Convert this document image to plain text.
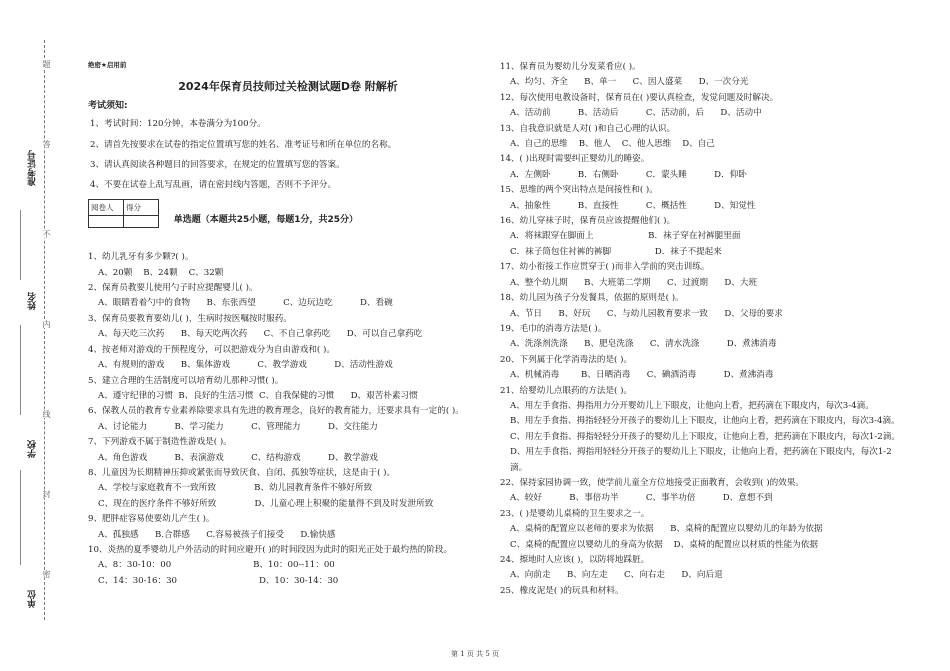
准考证号
姓名
学校
单位
题
答
不
内
线
封
密
绝密★启用前
2024年保育员技师过关检测试题D卷 附解析
考试须知:

1、考试时间：120分钟，本卷满分为100分。

2、请首先按要求在试卷的指定位置填写您的姓名、准考证号和所在单位的名称。

3、请认真阅读各种题目的回答要求，在规定的位置填写您的答案。

4、不要在试卷上乱写乱画，请在密封线内答题，否则不予评分。

阅卷人	得分
	单选题（本题共25小题，每题1分，共25分）
1、幼儿乳牙有多少颗?( )。
A、20颗    B、24颗    C、32颗
2、保育员教要儿使用勺子时应提醒婴儿( )。
A、眼睛看着勺中的食物      B、东张西望          C、边玩边吃          D、看碗
3、保育员要教育要幼儿( )，生病时按医嘱按时服药。
A、每天吃三次药      B、每天吃两次药      C、不自己拿药吃      D、可以自己拿药吃
4、按老师对游戏的干预程度分，可以把游戏分为自由游戏和( )。
A、有规则的游戏      B、集体游戏          C、教学游戏          D、活动性游戏
5、建立合理的生活制度可以培育幼儿那种习惯( )。
A、遵守纪律的习惯  B、良好的生活习惯  C、自我保健的习惯      D、艰苦朴素习惯
6、保教人员的教育专业素养除要求具有先进的教育理念，良好的教育能力，还要求具有一定的( )。
A、讨论能力          B、学习能力          C、管理能力          D、交往能力
7、下列游戏不属于制造性游戏是( )。
A、角色游戏          B、表演游戏          C、结构游戏          D、教学游戏
8、儿童因为长期精神压抑或紧张而导致厌食、自闭、孤独等症状，这是由于( )。
A、学校与家庭教育不一致所致              B、幼儿园教育条件不够好所致
C、现在的医疗条件不够好所致              D、儿童心理上积聚的能量得不到及时发泄所致
9、肥胖症容易使要幼儿产生( )。
A、孤独感      B.合群感      C.容易被孩子们接受      D.愉快感
10、炎热的夏季婴幼儿户外活动的时间应避开( )的时间段因为此时的阳光正处于最灼热的阶段。
A、8：30-10：00                              B、10：00--11：00
C、14：30-16：30                              D、10：30-14：30
11、保育员为婴幼儿分发菜肴应( )。
A、均匀、齐全      B、单一      C、因人盛菜      D、一次分光
12、每次使用电教设备时，保育员在( )要认真检查，发觉问题及时解决。
A、活动前          B、活动后          C、活动前，后      D、活动中
13、自我意识就是人对( )和自己心理的认识。
A、自己的思维    B、他人    C、他人思维    D、自己
14、( )出现时需要纠正婴幼儿的睡姿。
A．左侧卧          B．右侧卧          C．蒙头睡          D．仰卧
15、思维的两个突出特点是间接性和( )。
A、抽象性          B、直接性          C、概括性          D、知觉性
16、幼儿穿袜子时，保育员应该提醒他们( )。
A．将袜跟穿在脚面上                    B．袜子穿在衬裤腿里面
C．袜子筒包住衬裤的裤脚                D．袜子不提起来
17、幼小衔接工作应贯穿于( )而非入学前的突击训练。
A、整个幼儿期      B、大班第二学期      C、过渡期      D、大班
18、幼儿园为孩子分发餐具，依据的原则是( )。
A、节日      B、好玩      C、与幼儿园教育要求一致      D、父母的要求
19、毛巾的消毒方法是( )。
A、洗涤剂洗涤      B、肥皂洗涤      C、清水洗涤          D、煮沸消毒
20、下列属于化学消毒法的是( )。
A、机械消毒        B、日晒消毒      C、碘酒消毒          D、煮沸消毒
21、给婴幼儿点眼药的方法是( )。
A、用左手食指、拇指用力分开婴幼儿上下眼皮，让他向上看，把药滴在下眼皮内，每次3-4滴。
B、用左手食指、拇指轻轻分开孩子的婴幼儿上下眼皮，让他向上看，把药滴在下眼皮内，每次3-4滴。
C、用左手食指、拇指轻轻分开孩子的婴幼儿上下眼皮，让他向上看，把药滴在下眼皮内，每次1-2滴。
D、用左手食指、拇指用轻轻分开孩子的婴幼儿上下眼皮，让他向上看，把药滴在下眼皮内，每次1-2滴。
22、保持家园协调一致，使学前儿童全方位地接受正面教育，会收到( )的效果。
A、较好          B、事倍功半          C、事半功倍          D、意想不到
23、( )是婴幼儿桌椅的卫生要求之一。
A、桌椅的配置应以老师的要求为依据      B、桌椅的配置应以婴幼儿的年龄为依据
C、桌椅的配置应以婴幼儿的身高为依据    D、桌椅的配置应以材质的性能为依据
24、擦地时人应该( )，以防将地踩脏。
A、向前走      B、向左走      C、向右走      D、向后退
25、橡皮泥是( )的玩具和材料。
第 1 页 共 5 页
